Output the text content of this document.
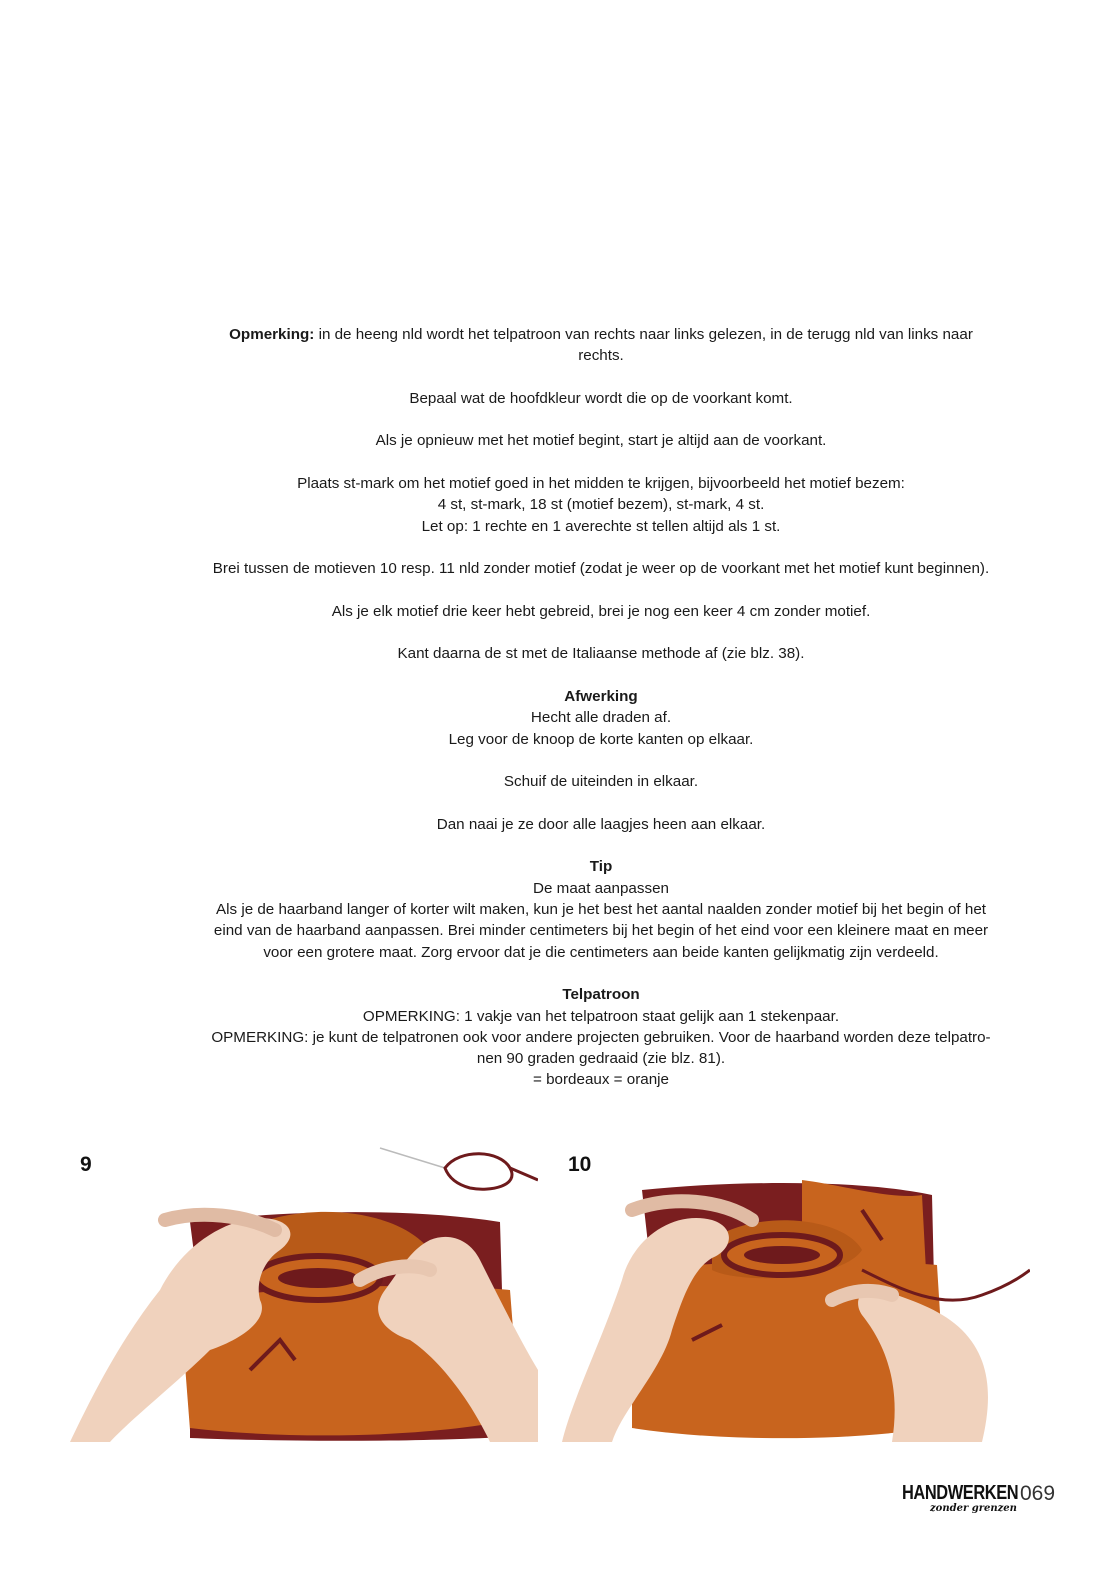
Opmerking: in de heeng nld wordt het telpatroon van rechts naar links gelezen, in de terugg nld van links naar
rechts.

Bepaal wat de hoofdkleur wordt die op de voorkant komt.

Als je opnieuw met het motief begint, start je altijd aan de voorkant.

Plaats st-mark om het motief goed in het midden te krijgen, bijvoorbeeld het motief bezem:
4 st, st-mark, 18 st (motief bezem), st-mark, 4 st.
Let op: 1 rechte en 1 averechte st tellen altijd als 1 st.

Brei tussen de motieven 10 resp. 11 nld zonder motief (zodat je weer op de voorkant met het motief kunt beginnen).

Als je elk motief drie keer hebt gebreid, brei je nog een keer 4 cm zonder motief.

Kant daarna de st met de Italiaanse methode af (zie blz. 38).

Afwerking
Hecht alle draden af.
Leg voor de knoop de korte kanten op elkaar.

Schuif de uiteinden in elkaar.

Dan naai je ze door alle laagjes heen aan elkaar.

Tip
De maat aanpassen
Als je de haarband langer of korter wilt maken, kun je het best het aantal naalden zonder motief bij het begin of het
eind van de haarband aanpassen. Brei minder centimeters bij het begin of het eind voor een kleinere maat en meer
voor een grotere maat. Zorg ervoor dat je die centimeters aan beide kanten gelijkmatig zijn verdeeld.

Telpatroon
OPMERKING: 1 vakje van het telpatroon staat gelijk aan 1 stekenpaar.
OPMERKING: je kunt de telpatronen ook voor andere projecten gebruiken. Voor de haarband worden deze telpatro-
nen 90 graden gedraaid (zie blz. 81).
= bordeaux = oranje

9	10
HANDWERKEN
zonder grenzen
069
